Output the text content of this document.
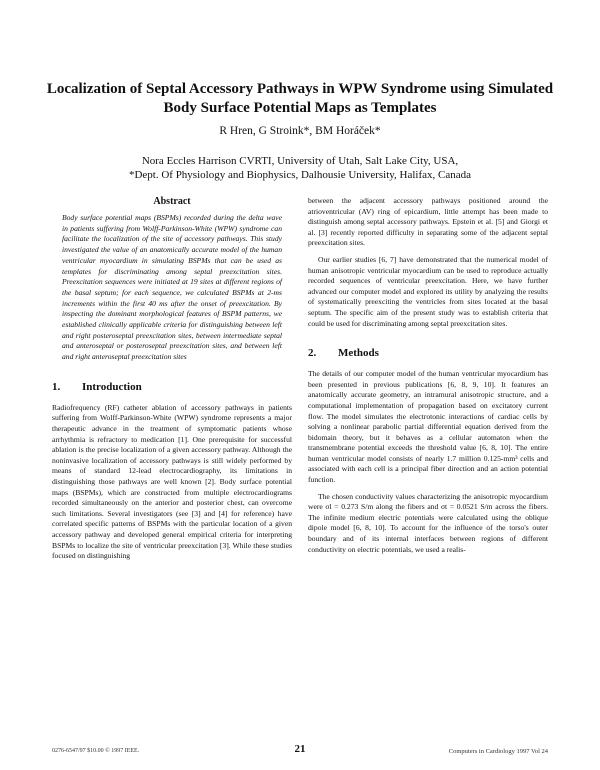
Localization of Septal Accessory Pathways in WPW Syndrome using Simulated Body Surface Potential Maps as Templates
R Hren, G Stroink*, BM Horáček*
Nora Eccles Harrison CVRTI, University of Utah, Salt Lake City, USA,
*Dept. Of Physiology and Biophysics, Dalhousie University, Halifax, Canada
Abstract

Body surface potential maps (BSPMs) recorded during the delta wave in patients suffering from Wolff-Parkinson-White (WPW) syndrome can facilitate the localization of the site of accessory pathways. This study investigated the value of an anatomically accurate model of the human ventricular myocardium in simulating BSPMs that can be used as templates for discriminating among septal preexcitation sites. Preexcitation sequences were initiated at 19 sites at different regions of the basal septum; for each sequence, we calculated BSPMs at 2-ms increments within the first 40 ms after the onset of preexcitation. By inspecting the dominant morphological features of BSPM patterns, we established clinically applicable criteria for distinguishing between left and right posteroseptal preexcitation sites, between intermediate septal and anteroseptal or posteroseptal preexcitation sites, and between left and right anteroseptal preexcitation sites

1.	Introduction

Radiofrequency (RF) catheter ablation of accessory pathways in patients suffering from Wolff-Parkinson-White (WPW) syndrome represents a major therapeutic advance in the treatment of symptomatic patients whose arrhythmia is refractory to medication [1]. One prerequisite for successful ablation is the precise localization of a given accessory pathway. Although the noninvasive localization of accessory pathways is still widely performed by means of standard 12-lead electrocardiography, its limitations in distinguishing those pathways are well known [2]. Body surface potential maps (BSPMs), which are constructed from multiple electrocardiograms recorded simultaneously on the anterior and posterior chest, can overcome such limitations. Several investigators (see [3] and [4] for reference) have correlated specific patterns of BSPMs with the particular location of a given accessory pathway and developed general empirical criteria for interpreting BSPMs to localize the site of ventricular preexcitation [3]. While these studies focused on distinguishing

between the adjacent accessory pathways positioned around the atrioventricular (AV) ring of epicardium, little attempt has been made to distinguish among septal accessory pathways. Epstein et al. [5] and Giorgi et al. [3] recently reported difficulty in separating some of the adjacent septal preexcitation sites.

Our earlier studies [6, 7] have demonstrated that the numerical model of human anisotropic ventricular myocardium can be used to reproduce actually recorded sequences of ventricular preexcitation. Here, we have further advanced our computer model and explored its utility by analyzing the results of systematically preexciting the ventricles from sites located at the basal septum. The specific aim of the present study was to establish criteria that could be used for discriminating among septal preexcitation sites.

2.	Methods

The details of our computer model of the human ventricular myocardium has been presented in previous publications [6, 8, 9, 10]. It features an anatomically accurate geometry, an intramural anisotropic structure, and a computational implementation of propagation based on excitatory current flow. The model simulates the electrotonic interactions of cardiac cells by solving a nonlinear parabolic partial differential equation derived from the bidomain theory, but it behaves as a cellular automaton when the transmembrane potential exceeds the threshold value [6, 8, 10]. The entire human ventricular model consists of nearly 1.7 million 0.125-mm³ cells and associated with each cell is a principal fiber direction and an action potential function.

The chosen conductivity values characterizing the anisotropic myocardium were σl = 0.273 S/m along the fibers and σt = 0.0521 S/m across the fibers. The infinite medium electric potentials were calculated using the oblique dipole model [6, 8, 10]. To account for the influence of the torso's outer boundary and of its internal interfaces between regions of different conductivity on electric potentials, we used a realis-

0276-6547/97 $10.00 © 1997 IEEE.	21	Computers in Cardiology 1997 Vol 24
